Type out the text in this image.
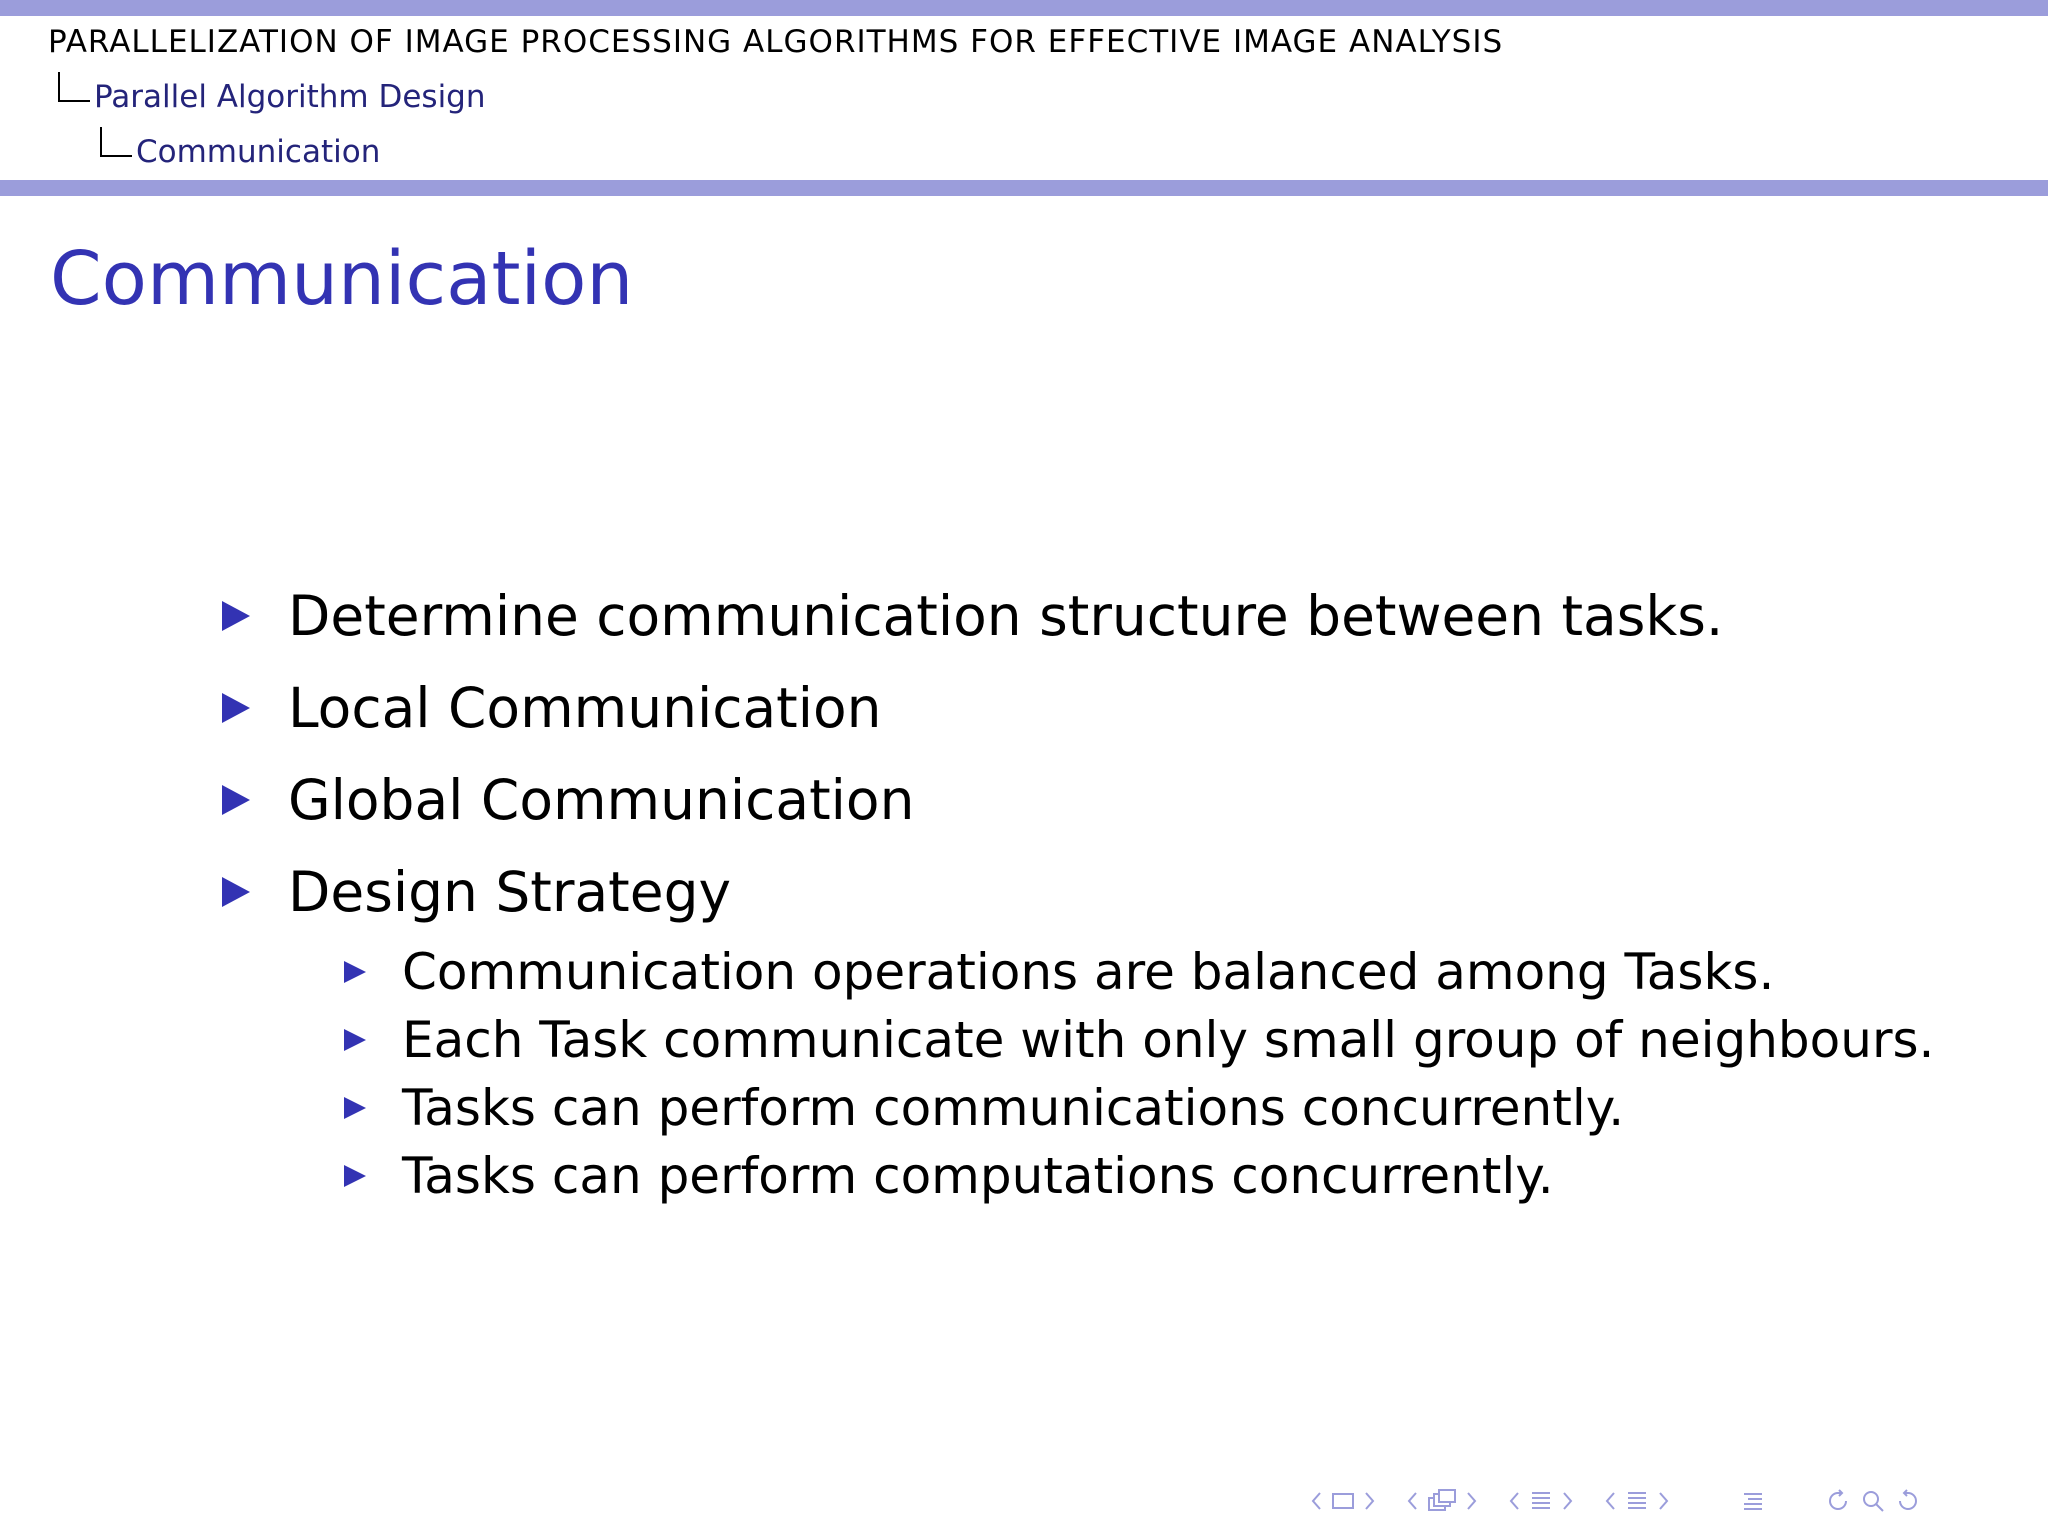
PARALLELIZATION OF IMAGE PROCESSING ALGORITHMS FOR EFFECTIVE IMAGE ANALYSIS
Parallel Algorithm Design
Communication
Communication
Determine communication structure between tasks.
Local Communication
Global Communication
Design Strategy
Communication operations are balanced among Tasks.
Each Task communicate with only small group of neighbours.
Tasks can perform communications concurrently.
Tasks can perform computations concurrently.
